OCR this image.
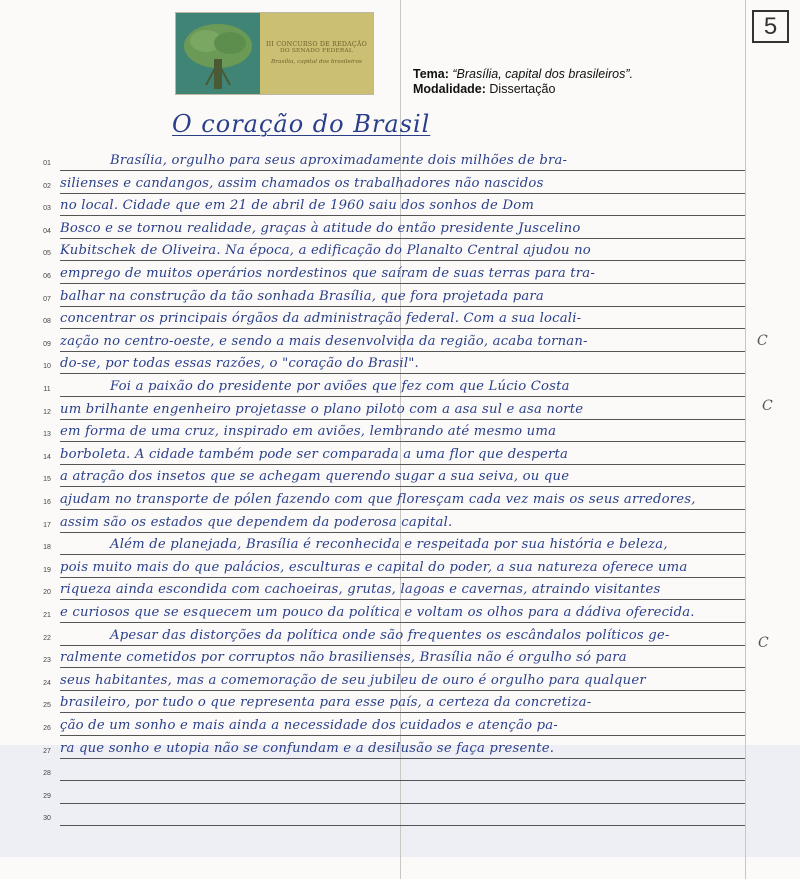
III CONCURSO DE REDAÇÃO
DO SENADO FEDERAL
Brasília, capital dos brasileiros
5
Tema: “Brasília, capital dos brasileiros”.
Modalidade: Dissertação
O coração do Brasil
01	Brasília, orgulho para seus aproximadamente dois milhões de bra-
02 silienses e candangos, assim chamados os trabalhadores não nascidos
03 no local. Cidade que em 21 de abril de 1960 saiu dos sonhos de Dom
04 Bosco e se tornou realidade, graças à atitude do então presidente Juscelino
05 Kubitschek de Oliveira. Na época, a edificação do Planalto Central ajudou no
06 emprego de muitos operários nordestinos que saíram de suas terras para tra-
07 balhar na construção da tão sonhada Brasília, que fora projetada para
08 concentrar os principais órgãos da administração federal. Com a sua locali-
09 zação no centro-oeste, e sendo a mais desenvolvida da região, acaba tornan-
10 do-se, por todas essas razões, o "coração do Brasil".
11	Foi a paixão do presidente por aviões que fez com que Lúcio Costa
12 um brilhante engenheiro projetasse o plano piloto com a asa sul e asa norte
13 em forma de uma cruz, inspirado em aviões, lembrando até mesmo uma
14 borboleta. A cidade também pode ser comparada a uma flor que desperta
15 a atração dos insetos que se achegam querendo sugar a sua seiva, ou que
16 ajudam no transporte de pólen fazendo com que floresçam cada vez mais os seus arredores,
17 assim são os estados que dependem da poderosa capital.
18	Além de planejada, Brasília é reconhecida e respeitada por sua história e beleza,
19 pois muito mais do que palácios, esculturas e capital do poder, a sua natureza oferece uma
20 riqueza ainda escondida com cachoeiras, grutas, lagoas e cavernas, atraindo visitantes
21 e curiosos que se esquecem um pouco da política e voltam os olhos para a dádiva oferecida.
22	Apesar das distorções da política onde são frequentes os escândalos políticos ge-
23 ralmente cometidos por corruptos não brasilienses, Brasília não é orgulho só para
24 seus habitantes, mas a comemoração de seu jubileu de ouro é orgulho para qualquer
25 brasileiro, por tudo o que representa para esse país, a certeza da concretiza-
26 ção de um sonho e mais ainda a necessidade dos cuidados e atenção pa-
27 ra que sonho e utopia não se confundam e a desilusão se faça presente.
28
29
30
C
C
C
